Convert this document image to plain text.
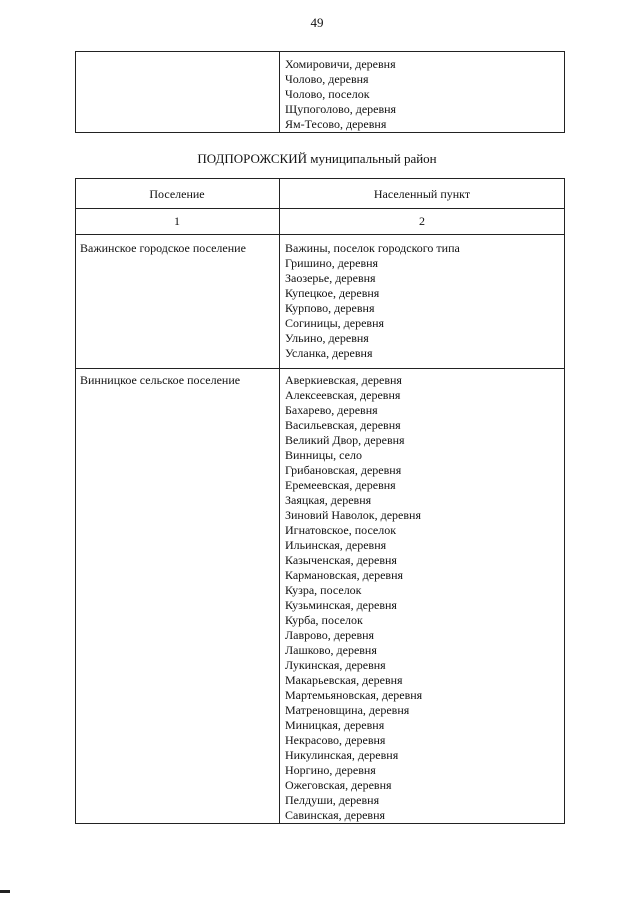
49
Хомировичи, деревня
Чолово, деревня
Чолово, поселок
Щупоголово, деревня
Ям-Тесово, деревня
ПОДПОРОЖСКИЙ муниципальный район
Поселение	Населенный пункт
1	2
Важинское городское поселение	Важины, поселок городского типа
Гришино, деревня
Заозерье, деревня
Купецкое, деревня
Курпово, деревня
Согиницы, деревня
Ульино, деревня
Усланка, деревня
Винницкое сельское поселение	Аверкиевская, деревня
Алексеевская, деревня
Бахарево, деревня
Васильевская, деревня
Великий Двор, деревня
Винницы, село
Грибановская, деревня
Еремеевская, деревня
Заяцкая, деревня
Зиновий Наволок, деревня
Игнатовское, поселок
Ильинская, деревня
Казыченская, деревня
Кармановская, деревня
Кузра, поселок
Кузьминская, деревня
Курба, поселок
Лаврово, деревня
Лашково, деревня
Лукинская, деревня
Макарьевская, деревня
Мартемьяновская, деревня
Матреновщина, деревня
Миницкая, деревня
Некрасово, деревня
Никулинская, деревня
Норгино, деревня
Ожеговская, деревня
Пелдуши, деревня
Савинская, деревня
